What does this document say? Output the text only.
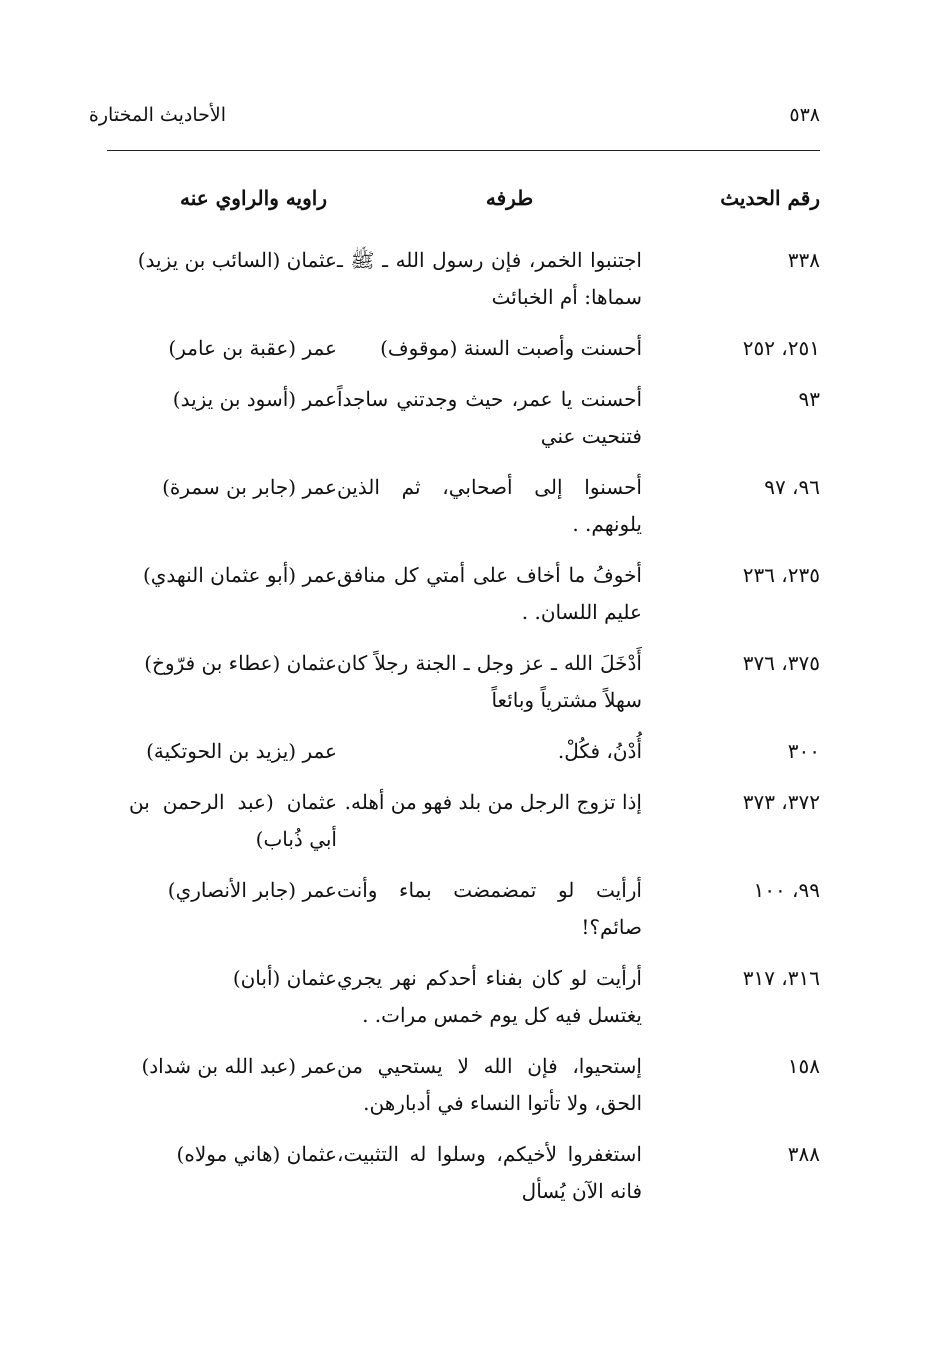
٥٣٨
الأحاديث المختارة
رقم الحديث
طرفه
راويه والراوي عنه
٣٣٨
اجتنبوا الخمر، فإن رسول الله ـ ﷺ ـ سماها: أم الخبائث
عثمان (السائب بن يزيد)
٢٥١، ٢٥٢
أحسنت وأصبت السنة (موقوف)
عمر (عقبة بن عامر)
٩٣
أحسنت يا عمر، حيث وجدتني ساجداً فتنحيت عني
عمر (أسود بن يزيد)
٩٦، ٩٧
أحسنوا إلى أصحابي، ثم الذين يلونهم. .
عمر (جابر بن سمرة)
٢٣٥، ٢٣٦
أخوفُ ما أخاف على أمتي كل منافق عليم اللسان. .
عمر (أبو عثمان النهدي)
٣٧٥، ٣٧٦
أَدْخَلَ الله ـ عز وجل ـ الجنة رجلاً كان سهلاً مشترياً وبائعاً
عثمان (عطاء بن فرّوخ)
٣٠٠
أُدْنُ، فكُلْ.
عمر (يزيد بن الحوتكية)
٣٧٢، ٣٧٣
إذا تزوج الرجل من بلد فهو من أهله.
عثمان (عبد الرحمن بن أبي ذُباب)
٩٩، ١٠٠
أرأيت لو تمضمضت بماء وأنت صائم؟!
عمر (جابر الأنصاري)
٣١٦، ٣١٧
أرأيت لو كان بفناء أحدكم نهر يجري يغتسل فيه كل يوم خمس مرات. .
عثمان (أبان)
١٥٨
إستحيوا، فإن الله لا يستحيي من الحق، ولا تأتوا النساء في أدبارهن.
عمر (عبد الله بن شداد)
٣٨٨
استغفروا لأخيكم، وسلوا له التثبيت، فانه الآن يُسأل
عثمان (هاني مولاه)
